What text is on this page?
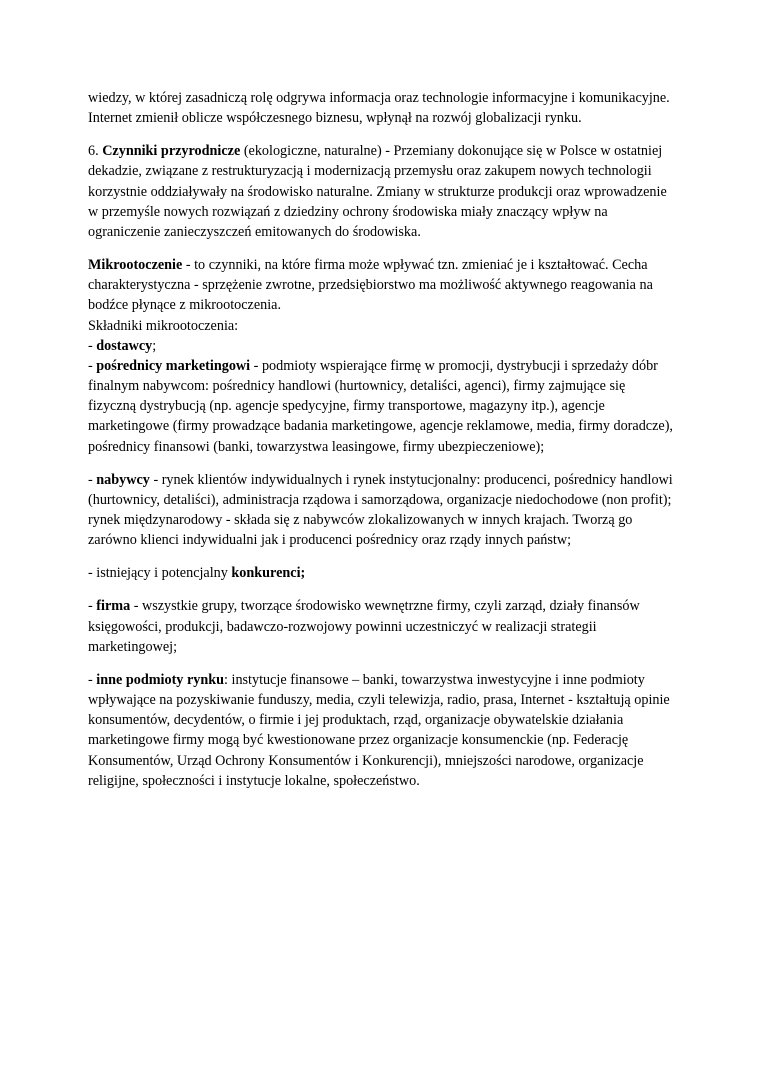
wiedzy, w której zasadniczą rolę odgrywa informacja oraz technologie informacyjne i komunikacyjne. Internet zmienił oblicze współczesnego biznesu, wpłynął na rozwój globalizacji rynku.

6. Czynniki przyrodnicze (ekologiczne, naturalne) - Przemiany dokonujące się w Polsce w ostatniej dekadzie, związane z restrukturyzacją i modernizacją przemysłu oraz zakupem nowych technologii korzystnie oddziaływały na środowisko naturalne. Zmiany w strukturze produkcji oraz wprowadzenie w przemyśle nowych rozwiązań z dziedziny ochrony środowiska miały znaczący wpływ na ograniczenie zanieczyszczeń emitowanych do środowiska.

Mikrootoczenie - to czynniki, na które firma może wpływać tzn. zmieniać je i kształtować. Cecha charakterystyczna - sprzężenie zwrotne, przedsiębiorstwo ma możliwość aktywnego reagowania na bodźce płynące z mikrootoczenia.

Składniki mikrootoczenia:

- dostawcy;

- pośrednicy marketingowi - podmioty wspierające firmę w promocji, dystrybucji i sprzedaży dóbr finalnym nabywcom: pośrednicy handlowi (hurtownicy, detaliści, agenci), firmy zajmujące się fizyczną dystrybucją (np. agencje spedycyjne, firmy transportowe, magazyny itp.), agencje marketingowe (firmy prowadzące badania marketingowe, agencje reklamowe, media, firmy doradcze), pośrednicy finansowi (banki, towarzystwa leasingowe, firmy ubezpieczeniowe);

- nabywcy - rynek klientów indywidualnych i rynek instytucjonalny: producenci, pośrednicy handlowi (hurtownicy, detaliści), administracja rządowa i samorządowa, organizacje niedochodowe (non profit); rynek międzynarodowy - składa się z nabywców zlokalizowanych w innych krajach. Tworzą go zarówno klienci indywidualni jak i producenci pośrednicy oraz rządy innych państw;

- istniejący i potencjalny konkurenci;

- firma - wszystkie grupy, tworzące środowisko wewnętrzne firmy, czyli zarząd, działy finansów księgowości, produkcji, badawczo-rozwojowy powinni uczestniczyć w realizacji strategii marketingowej;

- inne podmioty rynku: instytucje finansowe – banki, towarzystwa inwestycyjne i inne podmioty wpływające na pozyskiwanie funduszy, media, czyli telewizja, radio, prasa, Internet - kształtują opinie konsumentów, decydentów, o firmie i jej produktach, rząd, organizacje obywatelskie działania marketingowe firmy mogą być kwestionowane przez organizacje konsumenckie (np. Federację Konsumentów, Urząd Ochrony Konsumentów i Konkurencji), mniejszości narodowe, organizacje religijne, społeczności i instytucje lokalne, społeczeństwo.
